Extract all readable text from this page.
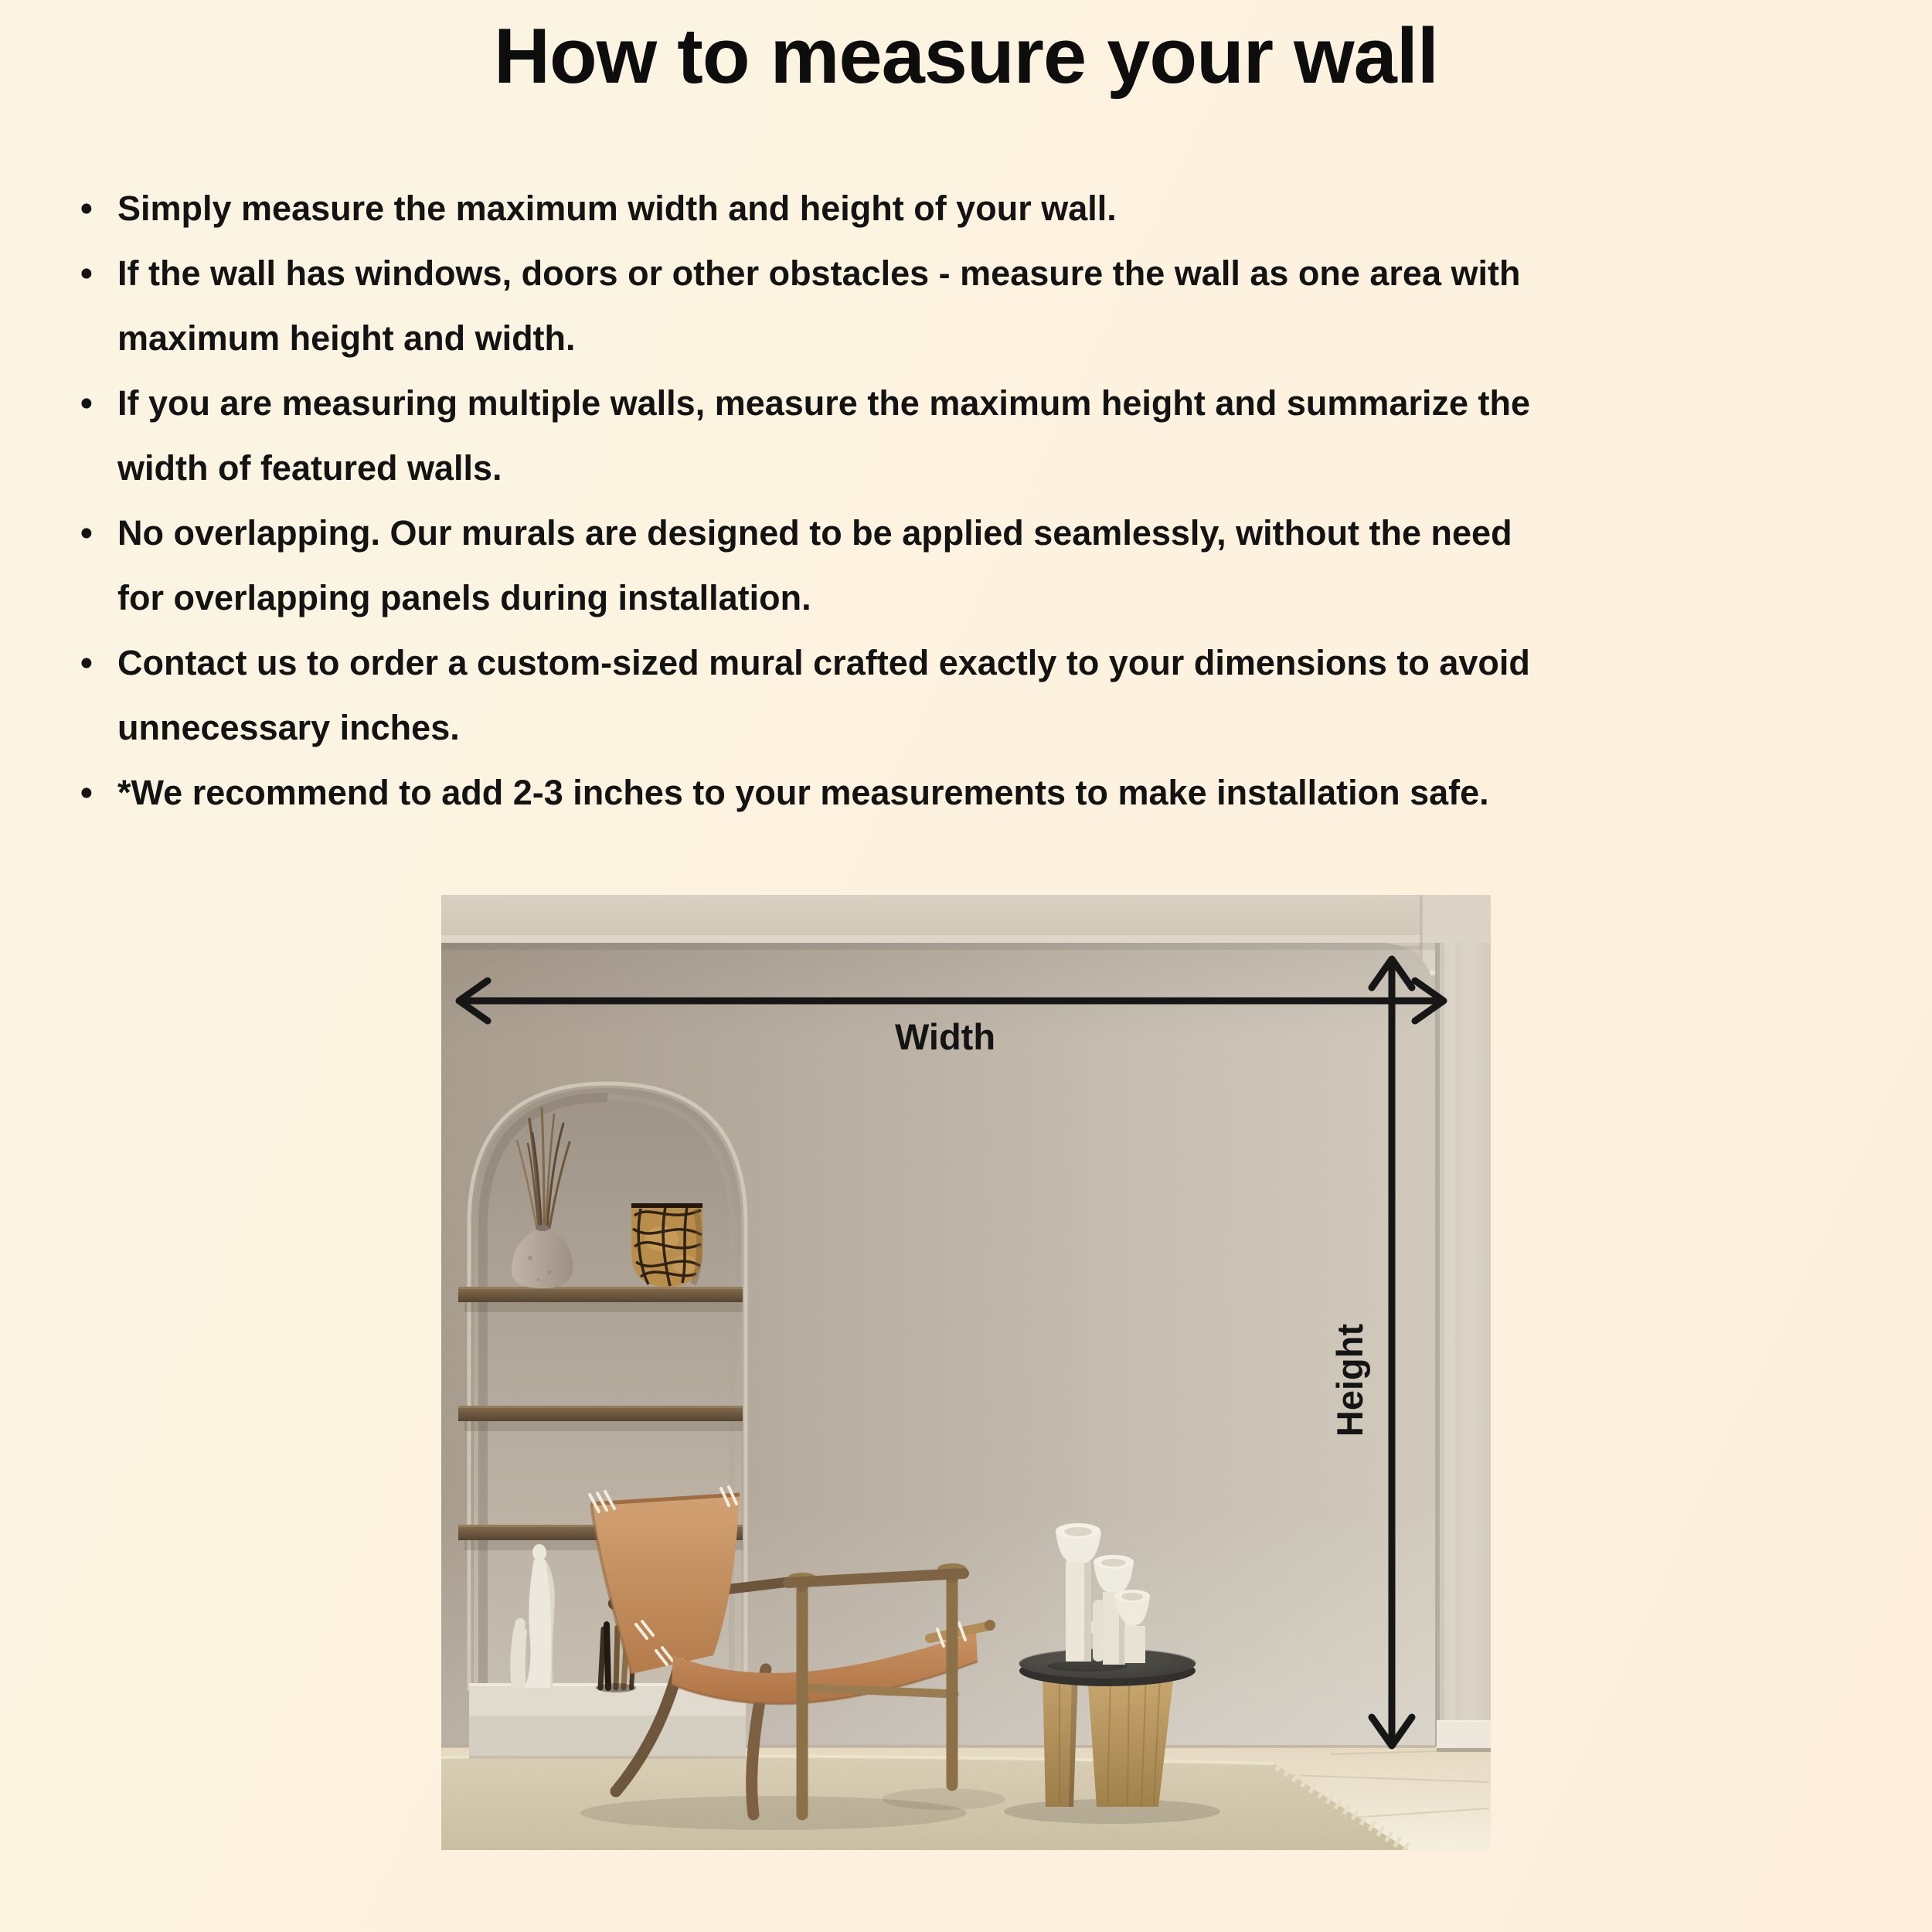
How to measure your wall
• Simply measure the maximum width and height of your wall.
• If the wall has windows, doors or other obstacles - measure the wall as one area with
maximum height and width.
• If you are measuring multiple walls, measure the maximum height and summarize the
width of featured walls.
• No overlapping. Our murals are designed to be applied seamlessly, without the need
for overlapping panels during installation.
• Contact us to order a custom-sized mural crafted exactly to your dimensions to avoid
unnecessary inches.
• *We recommend to add 2-3 inches to your measurements to make installation safe.
Width
Height
